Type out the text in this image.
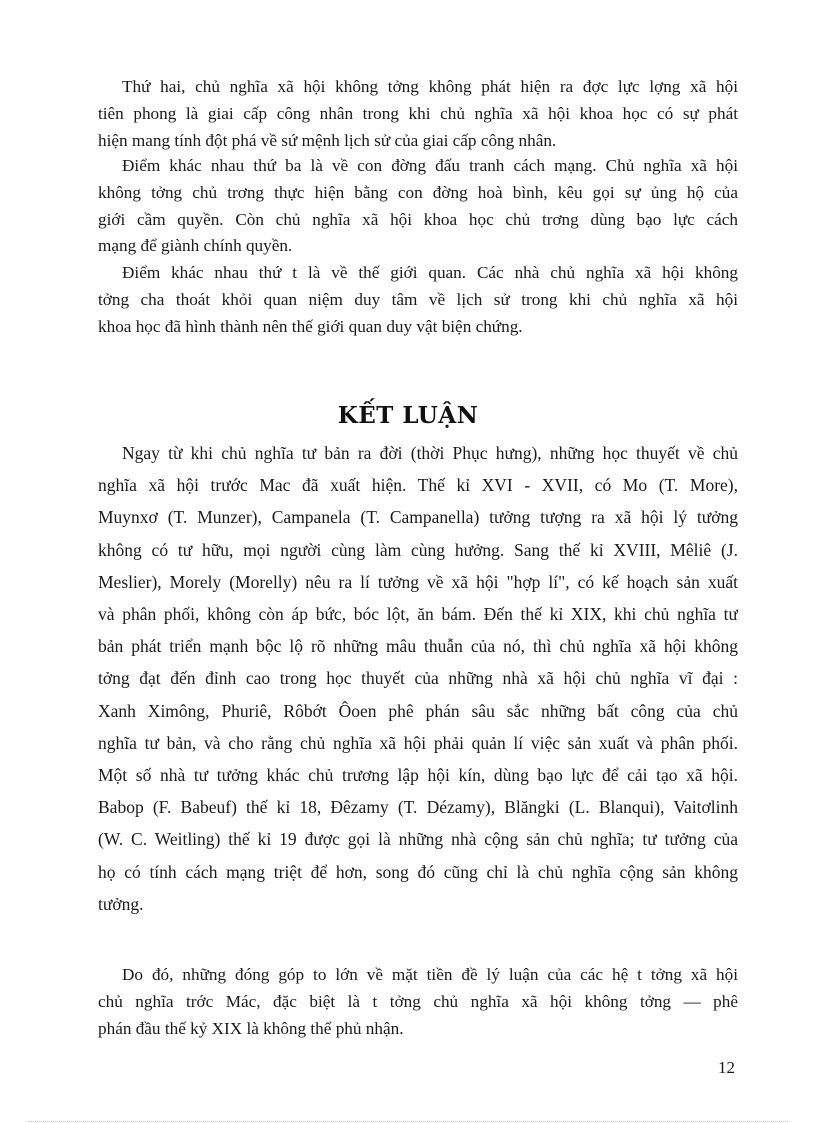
Thứ hai, chủ nghĩa xã hội không tởng không phát hiện ra đợc lực lợng xã hội
tiên phong là giai cấp công nhân trong khi chủ nghĩa xã hội khoa học có sự phát
hiện mang tính đột phá về sứ mệnh lịch sử của giai cấp công nhân.
Điểm khác nhau thứ ba là về con đờng đấu tranh cách mạng. Chủ nghĩa xã hội
không tởng chủ trơng thực hiện bằng con đờng hoà bình, kêu gọi sự ủng hộ của
giới cầm quyền. Còn chủ nghĩa xã hội khoa học chủ trơng dùng bạo lực cách
mạng để giành chính quyền.
Điểm khác nhau thứ t là về thế giới quan. Các nhà chủ nghĩa xã hội không
tởng cha thoát khỏi quan niệm duy tâm về lịch sử trong khi chủ nghĩa xã hội
khoa học đã hình thành nên thế giới quan duy vật biện chứng.
KẾT LUẬN
Ngay từ khi chủ nghĩa tư bản ra đời (thời Phục hưng), những học thuyết về chủ
nghĩa xã hội trước Mac đã xuất hiện. Thế kỉ XVI - XVII, có Mo (T. More),
Muynxơ (T. Munzer), Campanela (T. Campanella) tưởng tượng ra xã hội lý tưởng
không có tư hữu, mọi người cùng làm cùng hưởng. Sang thế kỉ XVIII, Mêliê (J.
Meslier), Morely (Morelly) nêu ra lí tưởng về xã hội "hợp lí", có kế hoạch sản xuất
và phân phối, không còn áp bức, bóc lột, ăn bám. Đến thế kỉ XIX, khi chủ nghĩa tư
bản phát triển mạnh bộc lộ rõ những mâu thuẫn của nó, thì chủ nghĩa xã hội không
tởng đạt đến đỉnh cao trong học thuyết của những nhà xã hội chủ nghĩa vĩ đại :
Xanh Ximông, Phuriê, Rôbớt Ôoen phê phán sâu sắc những bất công của chủ
nghĩa tư bản, và cho rằng chủ nghĩa xã hội phải quản lí việc sản xuất và phân phối.
Một số nhà tư tưởng khác chủ trương lập hội kín, dùng bạo lực để cải tạo xã hội.
Babop (F. Babeuf) thế kỉ 18, Đêzamy (T. Dézamy), Blăngki (L. Blanqui), Vaitơlinh
(W. C. Weitling) thế kỉ 19 được gọi là những nhà cộng sản chủ nghĩa; tư tưởng của
họ có tính cách mạng triệt để hơn, song đó cũng chỉ là chủ nghĩa cộng sản không
tưởng.
Do đó, những đóng góp to lớn về mặt tiền đề lý luận của các hệ t tởng xã hội
chủ nghĩa trớc Mác, đặc biệt là t tởng chủ nghĩa xã hội không tởng — phê
phán đầu thế kỷ XIX là không thể phủ nhận.
12
